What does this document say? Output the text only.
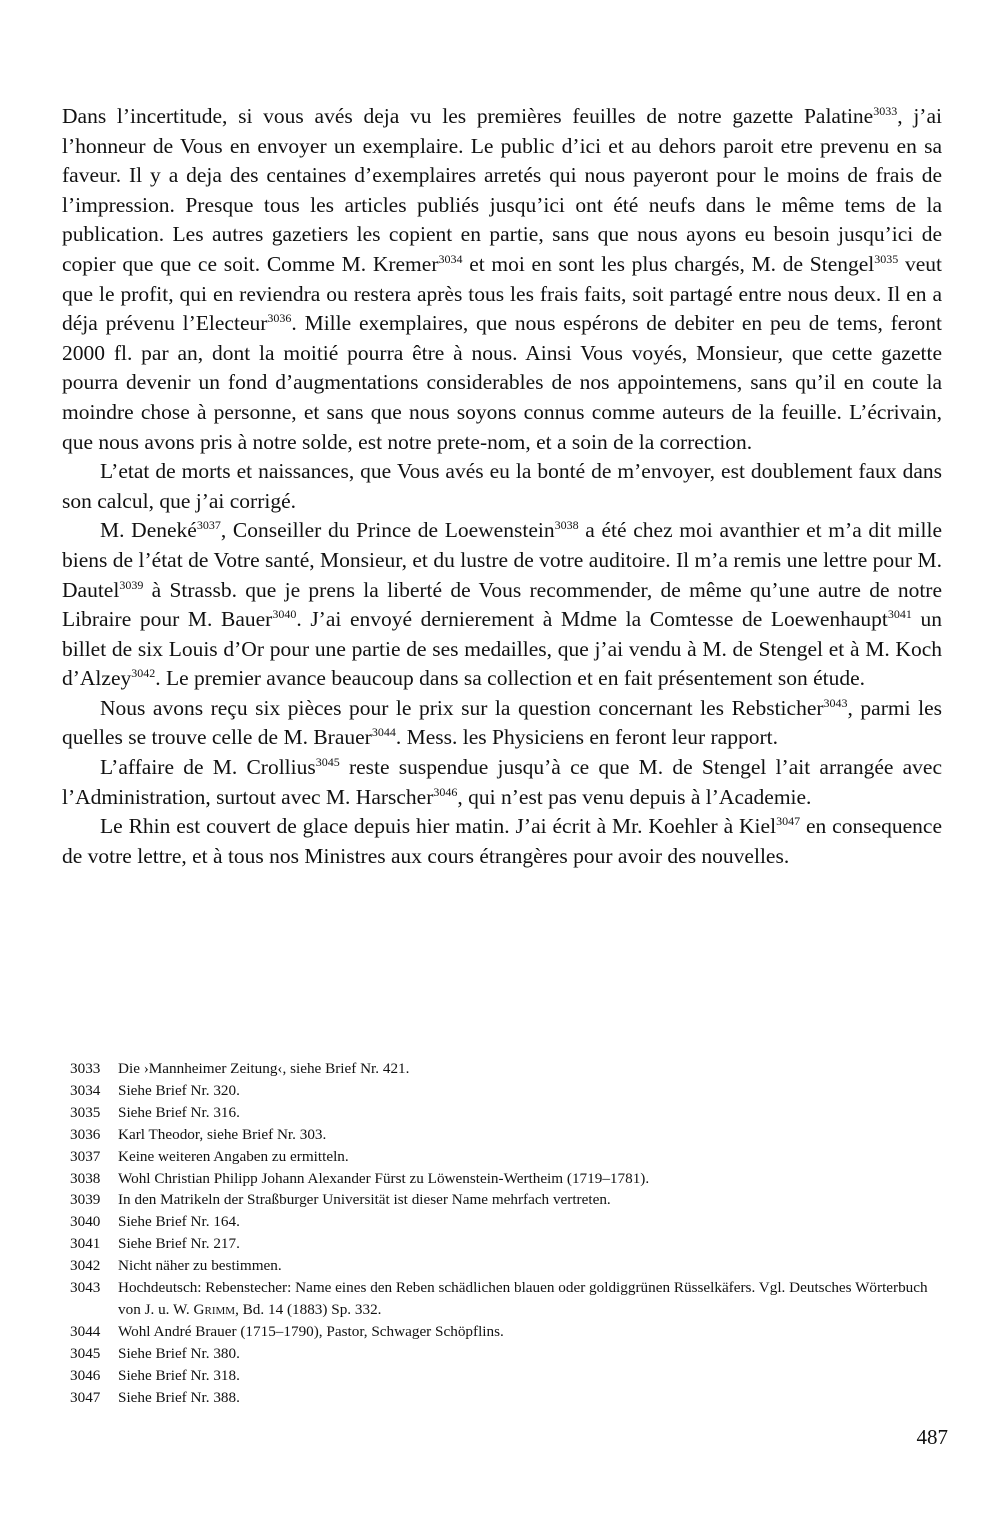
Dans l’incertitude, si vous avés deja vu les premières feuilles de notre gazette Palatine$^{3033}$, j’ai l’honneur de Vous en envoyer un exemplaire. Le public d’ici et au dehors paroit etre prevenu en sa faveur. Il y a deja des centaines d’exemplaires arretés qui nous payeront pour le moins de frais de l’impression. Presque tous les articles publiés jusqu’ici ont été neufs dans le même tems de la publication. Les autres gazetiers les copient en partie, sans que nous ayons eu besoin jusqu’ici de copier que que ce soit. Comme M. Kremer$^{3034}$ et moi en sont les plus chargés, M. de Stengel$^{3035}$ veut que le profit, qui en reviendra ou restera après tous les frais faits, soit partagé entre nous deux. Il en a déja prévenu l’Electeur$^{3036}$. Mille exemplaires, que nous espérons de debiter en peu de tems, feront 2000 fl. par an, dont la moitié pourra être à nous. Ainsi Vous voyés, Monsieur, que cette gazette pourra devenir un fond d’augmentations considerables de nos appointemens, sans qu’il en coute la moindre chose à personne, et sans que nous soyons connus comme auteurs de la feuille. L’écrivain, que nous avons pris à notre solde, est notre prete-nom, et a soin de la correction.

L’etat de morts et naissances, que Vous avés eu la bonté de m’envoyer, est doublement faux dans son calcul, que j’ai corrigé.

M. Deneké$^{3037}$, Conseiller du Prince de Loewenstein$^{3038}$ a été chez moi avanthier et m’a dit mille biens de l’état de Votre santé, Monsieur, et du lustre de votre auditoire. Il m’a remis une lettre pour M. Dautel$^{3039}$ à Strassb. que je prens la liberté de Vous recommender, de même qu’une autre de notre Libraire pour M. Bauer$^{3040}$. J’ai envoyé dernierement à Mdme la Comtesse de Loewenhaupt$^{3041}$ un billet de six Louis d’Or pour une partie de ses medailles, que j’ai vendu à M. de Stengel et à M. Koch d’Alzey$^{3042}$. Le premier avance beaucoup dans sa collection et en fait présentement son étude.

Nous avons reçu six pièces pour le prix sur la question concernant les Rebsticher$^{3043}$, parmi les quelles se trouve celle de M. Brauer$^{3044}$. Mess. les Physiciens en feront leur rapport.

L’affaire de M. Crollius$^{3045}$ reste suspendue jusqu’à ce que M. de Stengel l’ait arrangée avec l’Administration, surtout avec M. Harscher$^{3046}$, qui n’est pas venu depuis à l’Academie.

Le Rhin est couvert de glace depuis hier matin. J’ai écrit à Mr. Koehler à Kiel$^{3047}$ en consequence de votre lettre, et à tous nos Ministres aux cours étrangères pour avoir des nouvelles.

3033	Die ›Mannheimer Zeitung‹, siehe Brief Nr. 421.
3034	Siehe Brief Nr. 320.
3035	Siehe Brief Nr. 316.
3036	Karl Theodor, siehe Brief Nr. 303.
3037	Keine weiteren Angaben zu ermitteln.
3038	Wohl Christian Philipp Johann Alexander Fürst zu Löwenstein-Wertheim (1719–1781).
3039	In den Matrikeln der Straßburger Universität ist dieser Name mehrfach vertreten.
3040	Siehe Brief Nr. 164.
3041	Siehe Brief Nr. 217.
3042	Nicht näher zu bestimmen.
3043	Hochdeutsch: Rebenstecher: Name eines den Reben schädlichen blauen oder goldiggrünen Rüsselkäfers. Vgl. Deutsches Wörterbuch von J. u. W. Grimm, Bd. 14 (1883) Sp. 332.
3044	Wohl André Brauer (1715–1790), Pastor, Schwager Schöpflins.
3045	Siehe Brief Nr. 380.
3046	Siehe Brief Nr. 318.
3047	Siehe Brief Nr. 388.
487
